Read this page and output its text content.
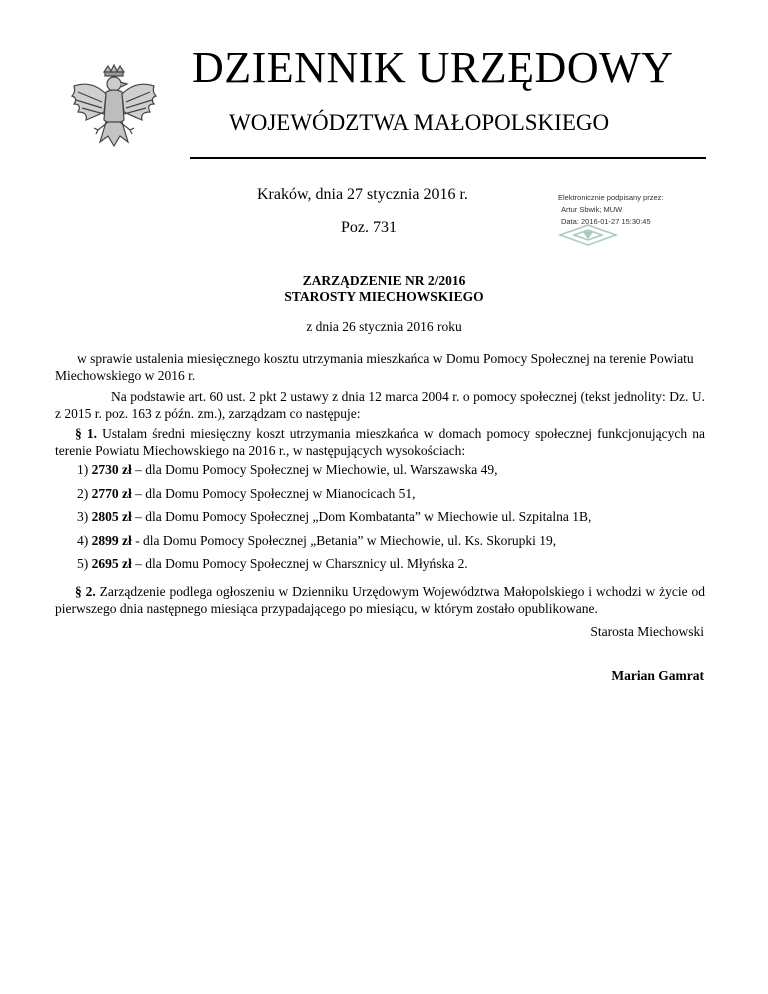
DZIENNIK URZĘDOWY
WOJEWÓDZTWA MAŁOPOLSKIEGO
Kraków, dnia 27 stycznia 2016 r.
Poz. 731
Elektronicznie podpisany przez:
Artur Sbwik; MUW
Data: 2016-01-27 15:30:45
ZARZĄDZENIE NR 2/2016
STAROSTY MIECHOWSKIEGO
z dnia 26 stycznia 2016 roku
w sprawie ustalenia miesięcznego kosztu utrzymania mieszkańca w Domu Pomocy Społecznej na terenie Powiatu Miechowskiego w 2016 r.
Na podstawie art. 60 ust. 2 pkt 2 ustawy z dnia 12 marca 2004 r. o pomocy społecznej (tekst jednolity: Dz. U. z 2015 r. poz. 163 z późn. zm.), zarządzam co następuje:
§ 1. Ustalam średni miesięczny koszt utrzymania mieszkańca w domach pomocy społecznej funkcjonujących na terenie Powiatu Miechowskiego na 2016 r., w następujących wysokościach:
1) 2730 zł – dla Domu Pomocy Społecznej w Miechowie, ul. Warszawska 49,
2) 2770 zł – dla Domu Pomocy Społecznej w Mianocicach 51,
3) 2805 zł – dla Domu Pomocy Społecznej „Dom Kombatanta” w Miechowie ul. Szpitalna 1B,
4) 2899 zł - dla Domu Pomocy Społecznej „Betania” w Miechowie, ul. Ks. Skorupki 19,
5) 2695 zł – dla Domu Pomocy Społecznej w Charsznicy ul. Młyńska 2.
§ 2. Zarządzenie podlega ogłoszeniu w Dzienniku Urzędowym Województwa Małopolskiego i wchodzi w życie od pierwszego dnia następnego miesiąca przypadającego po miesiącu, w którym zostało opublikowane.
Starosta Miechowski
Marian Gamrat
